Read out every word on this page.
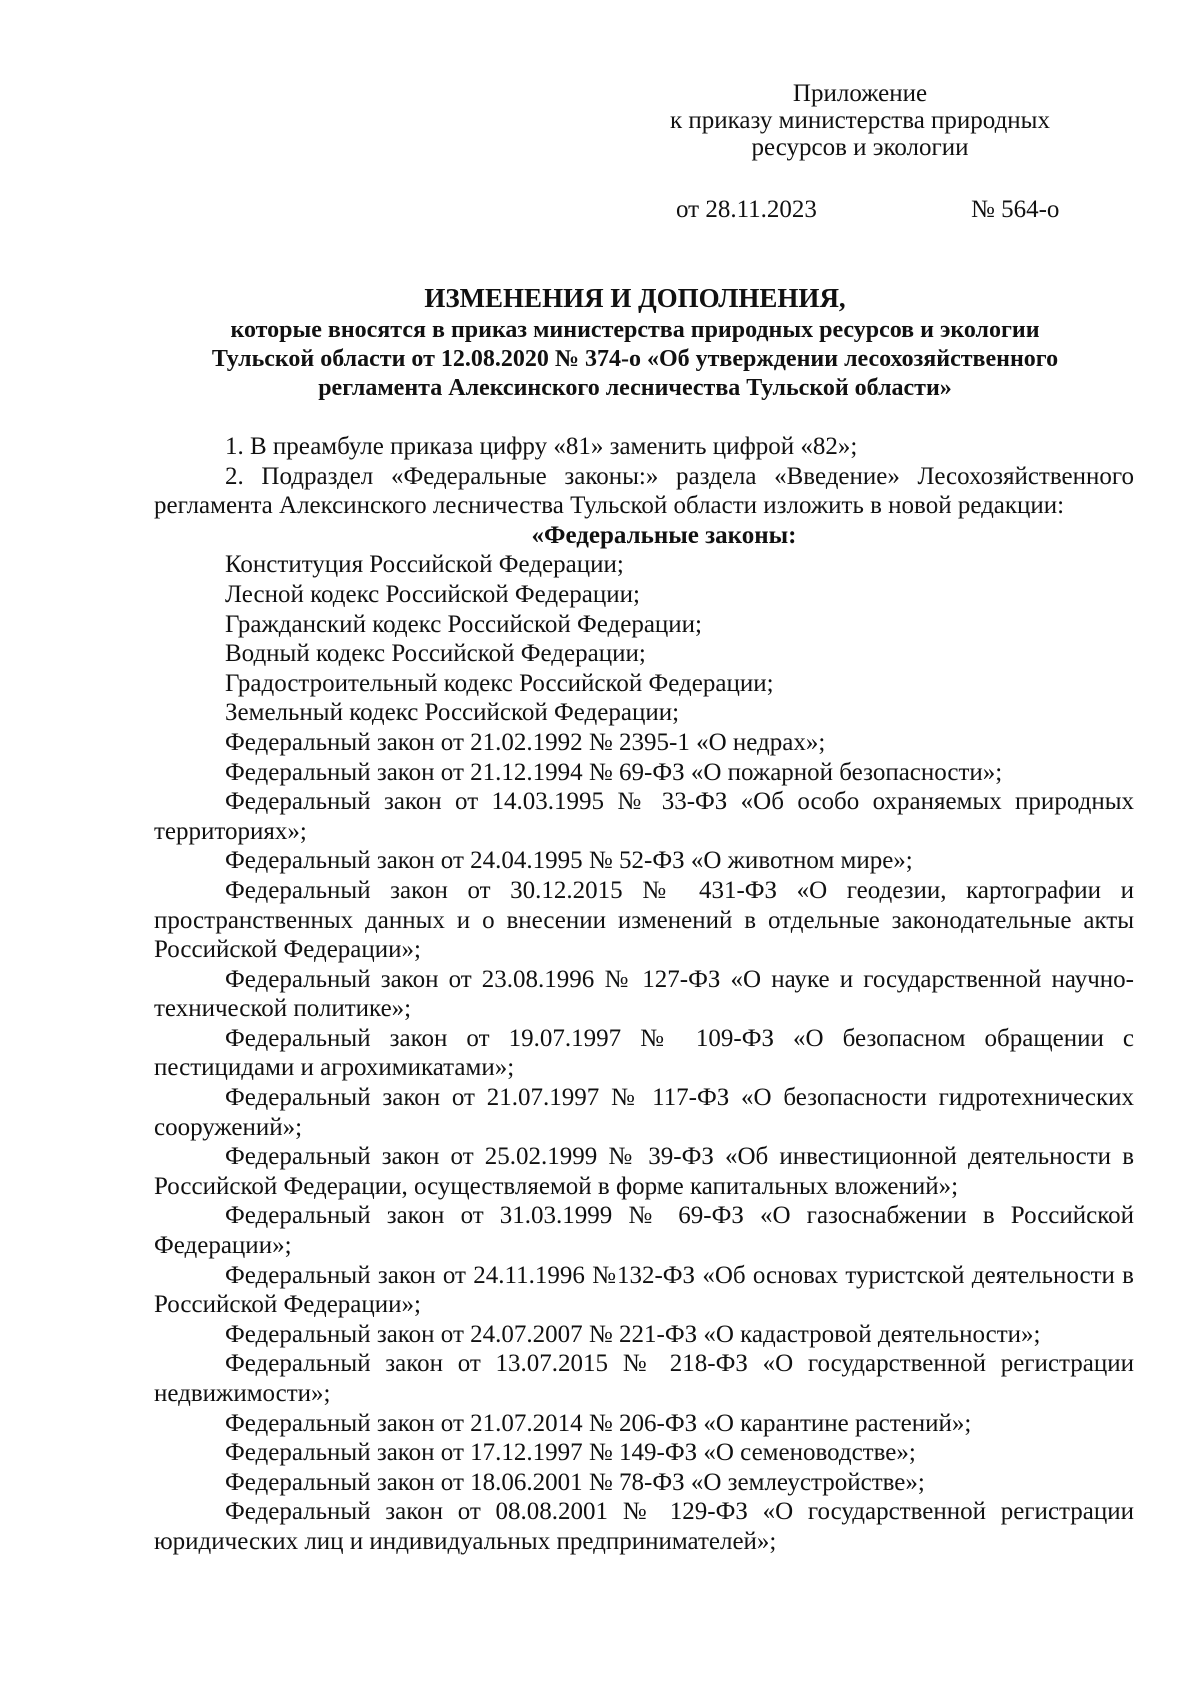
Приложение
к приказу министерства природных
ресурсов и экологии
от 28.11.2023	№ 564-о
ИЗМЕНЕНИЯ И ДОПОЛНЕНИЯ,
которые вносятся в приказ министерства природных ресурсов и экологии
Тульской области от 12.08.2020 № 374-о «Об утверждении лесохозяйственного
регламента Алексинского лесничества Тульской области»

1. В преамбуле приказа цифру «81» заменить цифрой «82»;

2. Подраздел «Федеральные законы:» раздела «Введение» Лесохозяйственного регламента Алексинского лесничества Тульской области изложить в новой редакции:

«Федеральные законы:

Конституция Российской Федерации;

Лесной кодекс Российской Федерации;

Гражданский кодекс Российской Федерации;

Водный кодекс Российской Федерации;

Градостроительный кодекс Российской Федерации;

Земельный кодекс Российской Федерации;

Федеральный закон от 21.02.1992 № 2395-1 «О недрах»;

Федеральный закон от 21.12.1994 № 69-ФЗ «О пожарной безопасности»;

Федеральный закон от 14.03.1995 № 33-ФЗ «Об особо охраняемых природных территориях»;

Федеральный закон от 24.04.1995 № 52-ФЗ «О животном мире»;

Федеральный закон от 30.12.2015 № 431-ФЗ «О геодезии, картографии и пространственных данных и о внесении изменений в отдельные законодательные акты Российской Федерации»;

Федеральный закон от 23.08.1996 № 127-ФЗ «О науке и государственной научно-технической политике»;

Федеральный закон от 19.07.1997 № 109-ФЗ «О безопасном обращении с пестицидами и агрохимикатами»;

Федеральный закон от 21.07.1997 № 117-ФЗ «О безопасности гидротехнических сооружений»;

Федеральный закон от 25.02.1999 № 39-ФЗ «Об инвестиционной деятельности в Российской Федерации, осуществляемой в форме капитальных вложений»;

Федеральный закон от 31.03.1999 № 69-ФЗ «О газоснабжении в Российской Федерации»;

Федеральный закон от 24.11.1996 №132-ФЗ «Об основах туристской деятельности в Российской Федерации»;

Федеральный закон от 24.07.2007 № 221-ФЗ «О кадастровой деятельности»;

Федеральный закон от 13.07.2015 № 218-ФЗ «О государственной регистрации недвижимости»;

Федеральный закон от 21.07.2014 № 206-ФЗ «О карантине растений»;

Федеральный закон от 17.12.1997 № 149-ФЗ «О семеноводстве»;

Федеральный закон от 18.06.2001 № 78-ФЗ «О землеустройстве»;

Федеральный закон от 08.08.2001 № 129-ФЗ «О государственной регистрации юридических лиц и индивидуальных предпринимателей»;
